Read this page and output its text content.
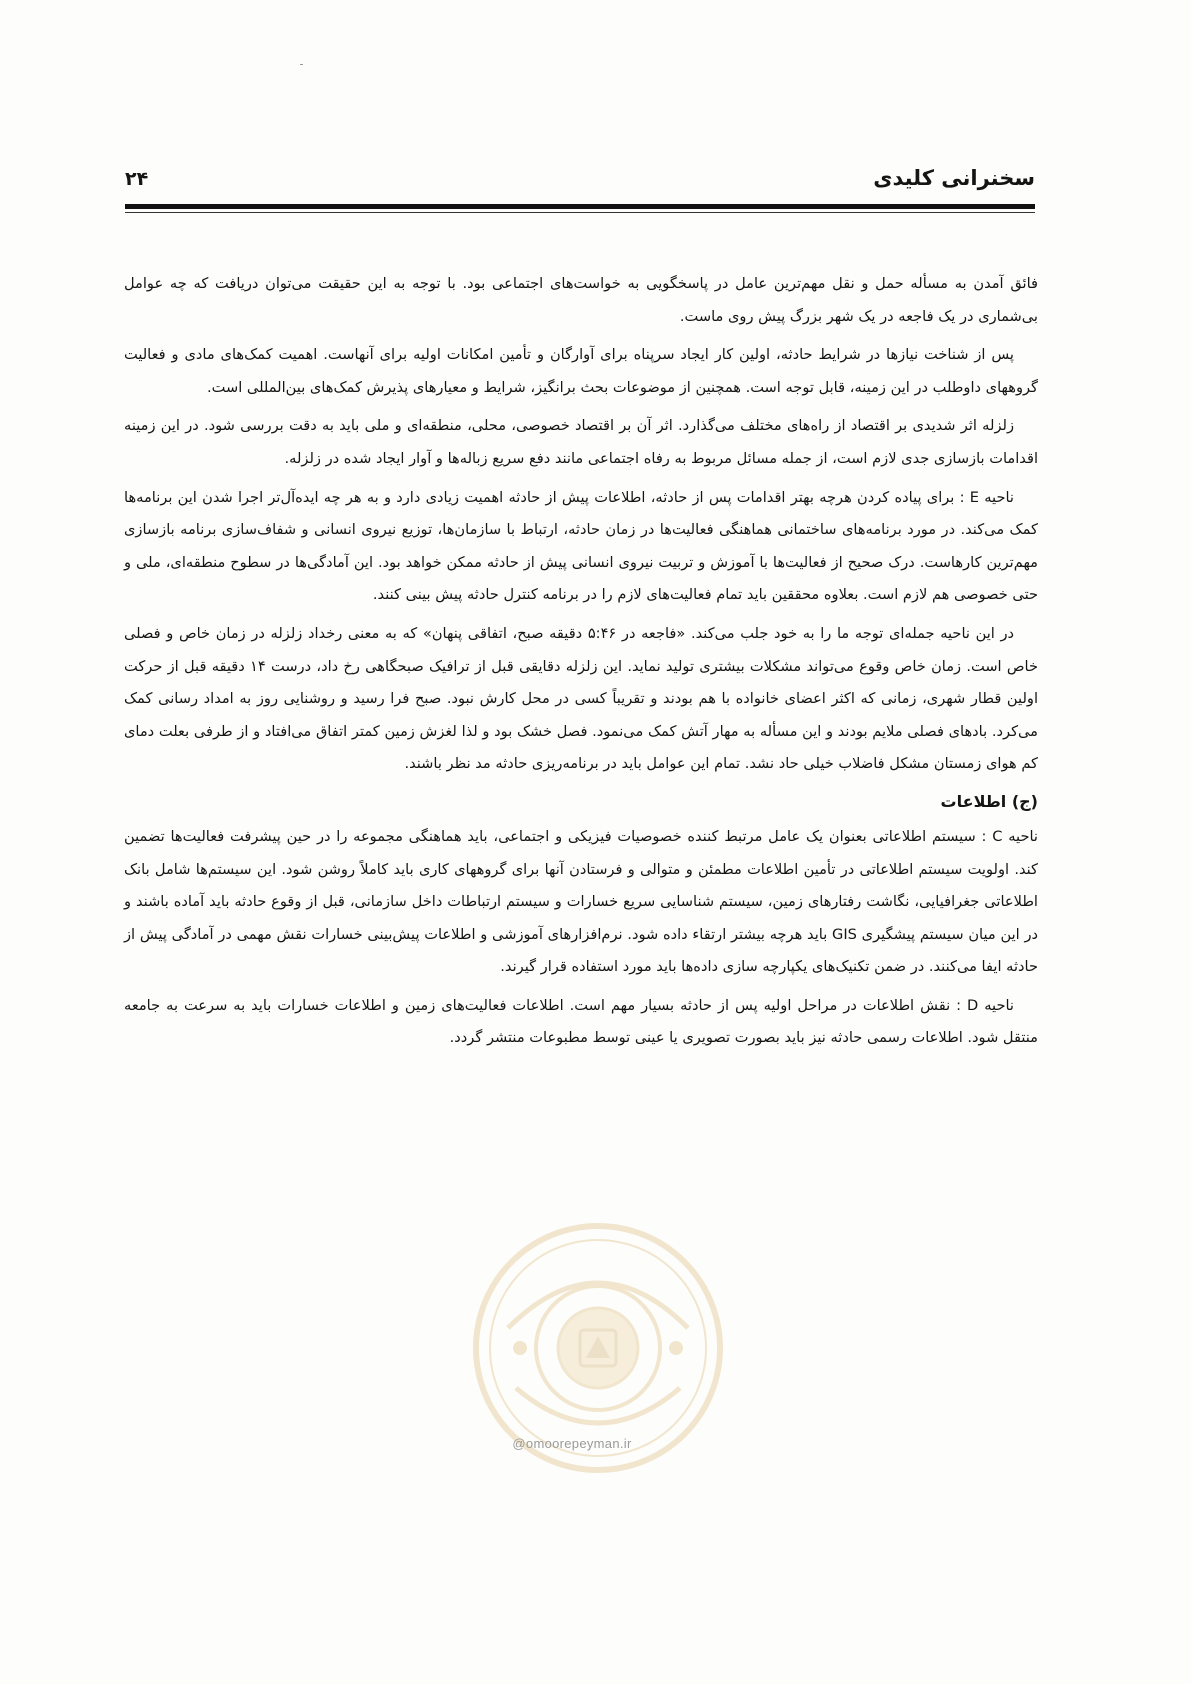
سخنرانی کلیدی
۲۴

فائق آمدن به مسأله حمل و نقل مهم‌ترین عامل در پاسخگویی به خواست‌های اجتماعی بود. با توجه به این حقیقت می‌توان دریافت که چه عوامل بی‌شماری در یک فاجعه در یک شهر بزرگ پیش روی ماست.

پس از شناخت نیازها در شرایط حادثه، اولین کار ایجاد سرپناه برای آوارگان و تأمین امکانات اولیه برای آنهاست. اهمیت کمک‌های مادی و فعالیت گروههای داوطلب در این زمینه، قابل توجه است. همچنین از موضوعات بحث برانگیز، شرایط و معیارهای پذیرش کمک‌های بین‌المللی است.

زلزله اثر شدیدی بر اقتصاد از راه‌های مختلف می‌گذارد. اثر آن بر اقتصاد خصوصی، محلی، منطقه‌ای و ملی باید به دقت بررسی شود. در این زمینه اقدامات بازسازی جدی لازم است، از جمله مسائل مربوط به رفاه اجتماعی مانند دفع سریع زباله‌ها و آوار ایجاد شده در زلزله.

ناحیه E : برای پیاده کردن هرچه بهتر اقدامات پس از حادثه، اطلاعات پیش از حادثه اهمیت زیادی دارد و به هر چه ایده‌آل‌تر اجرا شدن این برنامه‌ها کمک می‌کند. در مورد برنامه‌های ساختمانی هماهنگی فعالیت‌ها در زمان حادثه، ارتباط با سازمان‌ها، توزیع نیروی انسانی و شفاف‌سازی برنامه بازسازی مهم‌ترین کارهاست. درک صحیح از فعالیت‌ها با آموزش و تربیت نیروی انسانی پیش از حادثه ممکن خواهد بود. این آمادگی‌ها در سطوح منطقه‌ای، ملی و حتی خصوصی هم لازم است. بعلاوه محققین باید تمام فعالیت‌های لازم را در برنامه کنترل حادثه پیش بینی کنند.

در این ناحیه جمله‌ای توجه ما را به خود جلب می‌کند. «فاجعه در ۵:۴۶ دقیقه صبح، اتفاقی پنهان» که به معنی رخداد زلزله در زمان خاص و فصلی خاص است. زمان خاص وقوع می‌تواند مشکلات بیشتری تولید نماید. این زلزله دقایقی قبل از ترافیک صبحگاهی رخ داد، درست ۱۴ دقیقه قبل از حرکت اولین قطار شهری، زمانی که اکثر اعضای خانواده با هم بودند و تقریباً کسی در محل کارش نبود. صبح فرا رسید و روشنایی روز به امداد رسانی کمک می‌کرد. بادهای فصلی ملایم بودند و این مسأله به مهار آتش کمک می‌نمود. فصل خشک بود و لذا لغزش زمین کمتر اتفاق می‌افتاد و از طرفی بعلت دمای کم هوای زمستان مشکل فاضلاب خیلی حاد نشد. تمام این عوامل باید در برنامه‌ریزی حادثه مد نظر باشند.

(ج) اطلاعات

ناحیه C : سیستم اطلاعاتی بعنوان یک عامل مرتبط کننده خصوصیات فیزیکی و اجتماعی، باید هماهنگی مجموعه را در حین پیشرفت فعالیت‌ها تضمین کند. اولویت سیستم اطلاعاتی در تأمین اطلاعات مطمئن و متوالی و فرستادن آنها برای گروههای کاری باید کاملاً روشن شود. این سیستم‌ها شامل بانک اطلاعاتی جغرافیایی، نگاشت رفتارهای زمین، سیستم شناسایی سریع خسارات و سیستم ارتباطات داخل سازمانی، قبل از وقوع حادثه باید آماده باشند و در این میان سیستم پیشگیری GIS باید هرچه بیشتر ارتقاء داده شود. نرم‌افزارهای آموزشی و اطلاعات پیش‌بینی خسارات نقش مهمی در آمادگی پیش از حادثه ایفا می‌کنند. در ضمن تکنیک‌های یکپارچه سازی داده‌ها باید مورد استفاده قرار گیرند.

ناحیه D : نقش اطلاعات در مراحل اولیه پس از حادثه بسیار مهم است. اطلاعات فعالیت‌های زمین و اطلاعات خسارات باید به سرعت به جامعه منتقل شود. اطلاعات رسمی حادثه نیز باید بصورت تصویری یا عینی توسط مطبوعات منتشر گردد.

@omoorepeyman.ir
